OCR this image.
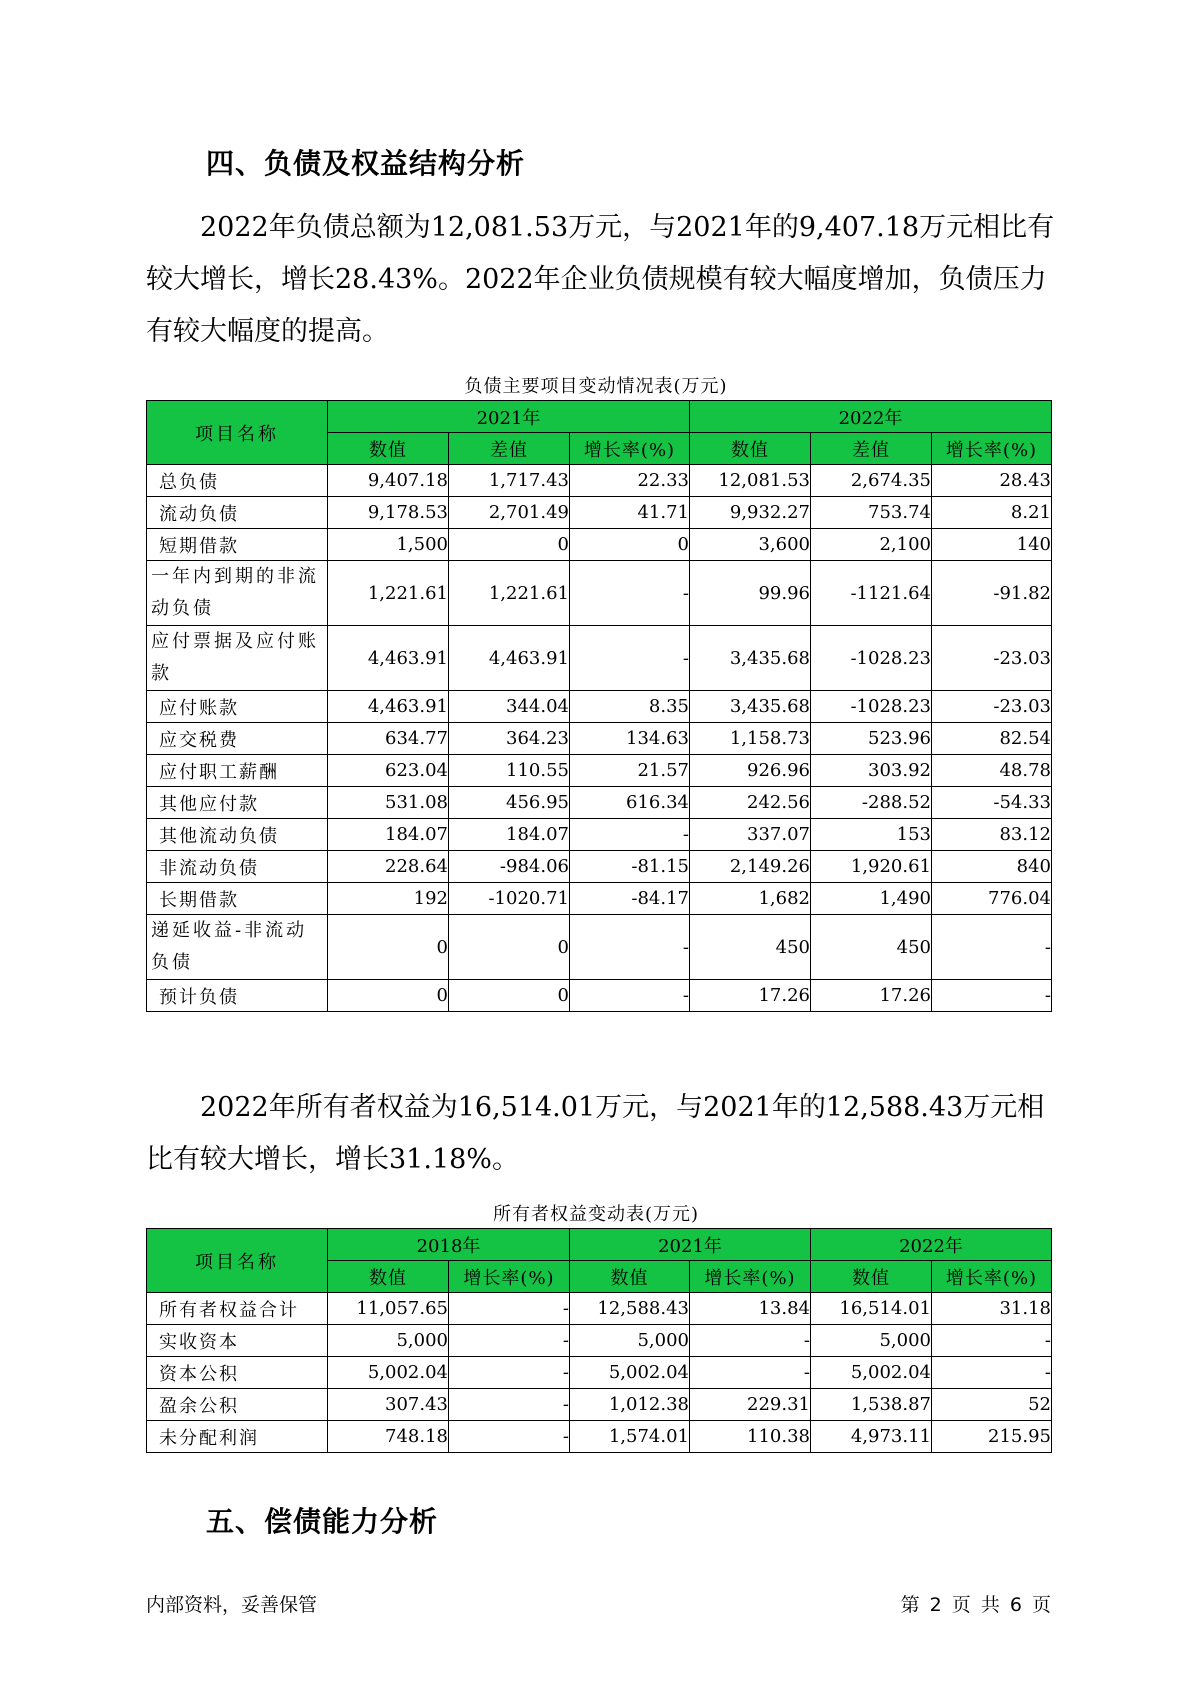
四、负债及权益结构分析

2022年负债总额为12,081.53万元，与2021年的9,407.18万元相比有较大增长，增长28.43%。2022年企业负债规模有较大幅度增加，负债压力有较大幅度的提高。

负债主要项目变动情况表(万元)
项目名称	2021年			2022年		
	数值	差值	增长率(%)	数值	差值	增长率(%)
总负债	9,407.18	1,717.43	22.33	12,081.53	2,674.35	28.43
流动负债	9,178.53	2,701.49	41.71	9,932.27	753.74	8.21
短期借款	1,500	0	0	3,600	2,100	140
一年内到期的非流动负债	1,221.61	1,221.61	-	99.96	-1121.64	-91.82
应付票据及应付账款	4,463.91	4,463.91	-	3,435.68	-1028.23	-23.03
应付账款	4,463.91	344.04	8.35	3,435.68	-1028.23	-23.03
应交税费	634.77	364.23	134.63	1,158.73	523.96	82.54
应付职工薪酬	623.04	110.55	21.57	926.96	303.92	48.78
其他应付款	531.08	456.95	616.34	242.56	-288.52	-54.33
其他流动负债	184.07	184.07	-	337.07	153	83.12
非流动负债	228.64	-984.06	-81.15	2,149.26	1,920.61	840
长期借款	192	-1020.71	-84.17	1,682	1,490	776.04
递延收益-非流动负债	0	0	-	450	450	-
预计负债	0	0	-	17.26	17.26	-

2022年所有者权益为16,514.01万元，与2021年的12,588.43万元相比有较大增长，增长31.18%。

所有者权益变动表(万元)
项目名称	2018年		2021年		2022年	
	数值	增长率(%)	数值	增长率(%)	数值	增长率(%)
所有者权益合计	11,057.65	-	12,588.43	13.84	16,514.01	31.18
实收资本	5,000	-	5,000	-	5,000	-
资本公积	5,002.04	-	5,002.04	-	5,002.04	-
盈余公积	307.43	-	1,012.38	229.31	1,538.87	52
未分配利润	748.18	-	1,574.01	110.38	4,973.11	215.95
五、偿债能力分析
内部资料，妥善保管	第 2 页 共 6 页
